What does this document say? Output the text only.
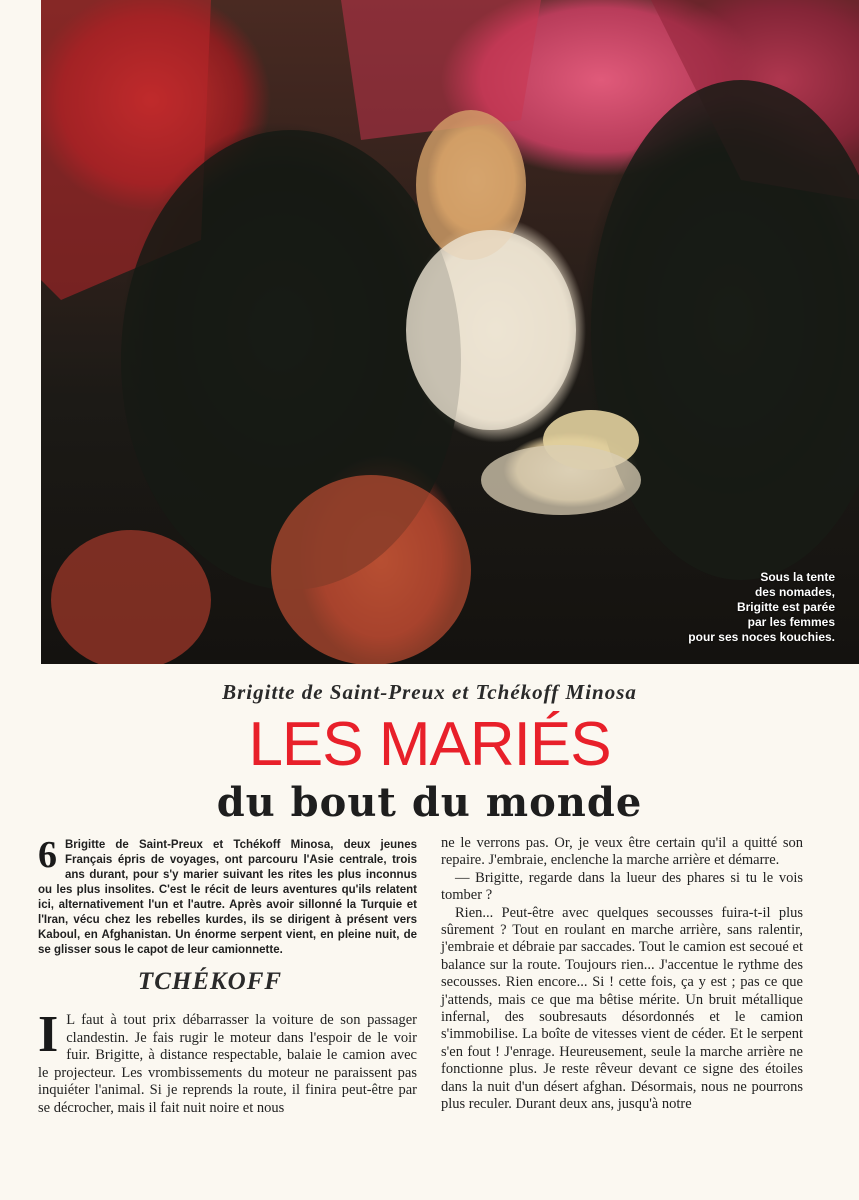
Sous la tente
des nomades,
Brigitte est parée
par les femmes
pour ses noces kouchies.
Brigitte de Saint-Preux et Tchékoff Minosa
LES MARIÉS
du bout du monde
6 Brigitte de Saint-Preux et Tchékoff Minosa, deux jeunes Français épris de voyages, ont parcouru l'Asie centrale, trois ans durant, pour s'y marier suivant les rites les plus inconnus ou les plus insolites. C'est le récit de leurs aventures qu'ils relatent ici, alternativement l'un et l'autre. Après avoir sillonné la Turquie et l'Iran, vécu chez les rebelles kurdes, ils se dirigent à présent vers Kaboul, en Afghanistan. Un énorme serpent vient, en pleine nuit, de se glisser sous le capot de leur camionnette.
TCHÉKOFF
I L faut à tout prix débarrasser la voiture de son passager clandestin. Je fais rugir le moteur dans l'espoir de le voir fuir. Brigitte, à distance respectable, balaie le camion avec le projecteur. Les vrombissements du moteur ne paraissent pas inquiéter l'animal. Si je reprends la route, il finira peut-être par se décrocher, mais il fait nuit noire et nous

ne le verrons pas. Or, je veux être certain qu'il a quitté son repaire. J'embraie, enclenche la marche arrière et démarre.

— Brigitte, regarde dans la lueur des phares si tu le vois tomber ?

Rien... Peut-être avec quelques secousses fuira-t-il plus sûrement ? Tout en roulant en marche arrière, sans ralentir, j'embraie et débraie par saccades. Tout le camion est secoué et balance sur la route. Toujours rien... J'accentue le rythme des secousses. Rien encore... Si ! cette fois, ça y est ; pas ce que j'attends, mais ce que ma bêtise mérite. Un bruit métallique infernal, des soubresauts désordonnés et le camion s'immobilise. La boîte de vitesses vient de céder. Et le serpent s'en fout ! J'enrage. Heureusement, seule la marche arrière ne fonctionne plus. Je reste rêveur devant ce signe des étoiles dans la nuit d'un désert afghan. Désormais, nous ne pourrons plus reculer. Durant deux ans, jusqu'à notre
